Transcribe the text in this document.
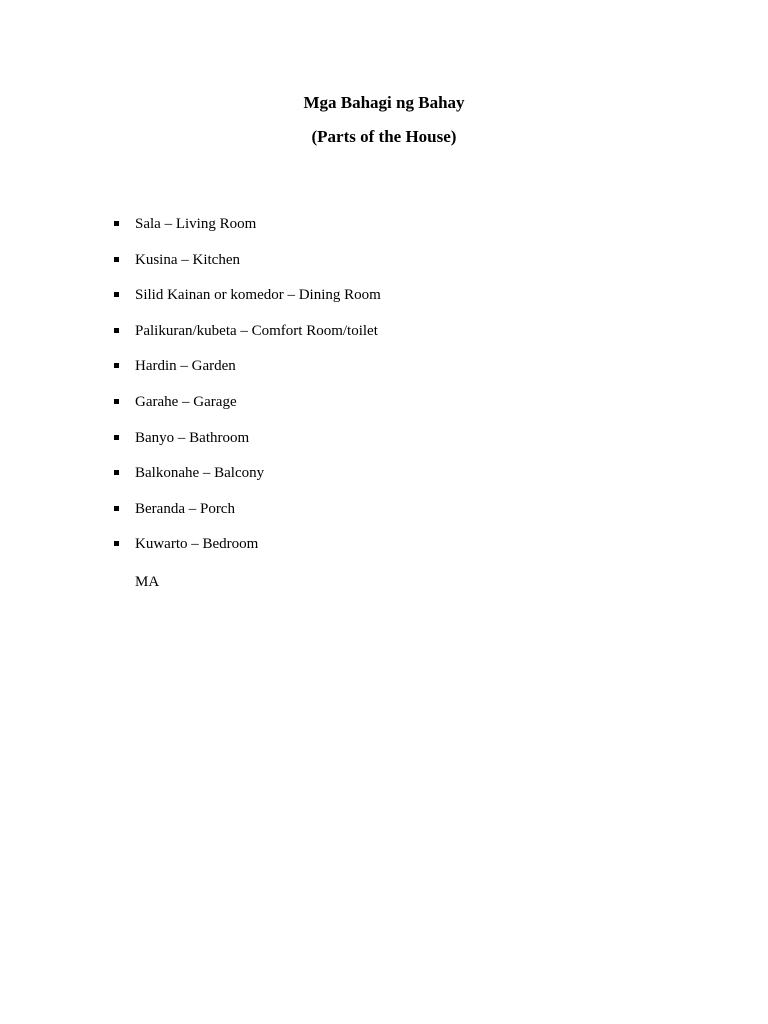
Mga Bahagi ng Bahay
(Parts of the House)
Sala – Living Room
Kusina – Kitchen
Silid Kainan or komedor – Dining Room
Palikuran/kubeta – Comfort Room/toilet
Hardin – Garden
Garahe – Garage
Banyo – Bathroom
Balkonahe – Balcony
Beranda – Porch
Kuwarto – Bedroom
MA
